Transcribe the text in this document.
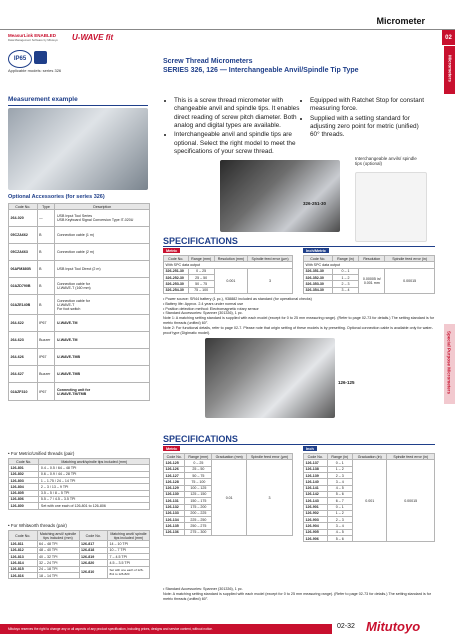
Micrometer
02
Micrometers
Special Purpose Micrometers
MeasurLink ENABLED
Data Management Software by Mitutoyo	U-WAVE fit
IP65
Applicable models: series 326
Screw Thread Micrometers
SERIES 326, 126 — Interchangeable Anvil/Spindle Tip Type
Measurement example	• This is a screw thread micrometer with changeable anvil and spindle tips. It enables direct reading of screw pitch diameter. Both analog and digital types are available.
• Interchangeable anvil and spindle tips are optional. Select the right model to meet the specifications of your screw thread.
• Equipped with Ratchet Stop for constant measuring force.
• Supplied with a setting standard for adjusting zero point for metric (unified) 60° threads.
Interchangeable anvils/ spindle tips (optional)
326-251-30
Optional Accessories (for series 326)
Code No.	Type	Description
264-020	—	USB Input Tool Series
USB Keyboard Signal Conversion Type IT-020U
05CZA662	B	Connection cable (1 m)
05CZA663	B	Connection cable (2 m)
06AFM380B	B	USB Input Tool Direct (2 m)
02AZD790B	B	Connection cable for
U-WAVE-T (160 mm)
02AZE140B	B	Connection cable for
U-WAVE-T
For foot switch
264-622	IP67	U-WAVE-TM
264-623	Buzzer	U-WAVE-TM
264-626	IP67	U-WAVE-TMB
264-627	Buzzer	U-WAVE-TMB
02AZF310	IP67	Connecting unit for
U-WAVE-TM/TMB
• For Metric/Unified threads (pair)
Code No.	Matching anvil/spindle tips included (mm)
126-801	0.4 – 0.5 / 64 – 48 TPI
126-802	0.6 – 0.9 / 44 – 28 TPI
126-803	1 – 1.75 / 24 – 14 TPI
126-804	2 – 3 / 13 – 9 TPI
126-805	3.5 – 5 / 8 – 5 TPI
126-806	5.5 – 7 / 4.5 – 3.5 TPI
126-800	Set with one each of 126-801 to 126-806
• For Whitworth threads (pair)
Code No.	Matching anvil/ spindle tips included (mm)	Code No.	Matching anvil/ spindle tips included (mm)
126-811	64 – 48 TPI	126-817	14 – 10 TPI
126-812	48 – 40 TPI	126-818	10 – 7 TPI
126-813	40 – 32 TPI	126-819	7 – 4.5 TPI
126-814	32 – 24 TPI	126-820	4.5 – 3.5 TPI
126-815	24 – 18 TPI	126-810	Set with one each of 126-811 to 126-820
126-816	18 – 14 TPI		
SPECIFICATIONS
Metric	Inch/Metric
Code No.	Range (mm)	Resolution (mm)	Spindle feed error (µm)
With SPC data output			
326-251-30	0 – 25	0.001	3
326-252-30	25 – 50		
326-253-30	50 – 75		
326-254-30	75 – 100		
Code No.	Range (in)	Resolution	Spindle feed error (in)
With SPC data output			
326-351-30	0 – 1	0.00005 in/ 0.001 mm	0.00015
326-352-30	1 – 2		
326-353-30	2 – 3		
326-354-30	3 – 4		
• Power source: SR44 battery (1 pc.), 938882 included as standard (for operational checks)
• Battery life: Approx. 2.4 years under normal use
• Position detection method: Electromagnetic rotary sensor
• Standard Accessories: Spanner (301336), 1 pc.
Note 1: A matching setting standard is supplied with each model (except for 0 to 25 mm measuring range). (Refer to page 02-73 for details.) The setting standard is for metric threads (unified) 60°.
Note 2: For functional details, refer to page 02-7. Please note that origin setting of these models is by presetting. Optional connection cable is available only for water-proof type (Digimatic model).
126-125
SPECIFICATIONS
Metric	Inch
Code No.	Range (mm)	Graduation (mm)	Spindle feed error (µm)
126-125	0 – 25	0.01	3
126-126	25 – 50		
126-127	50 – 75		
126-128	75 – 100		
126-129	100 – 125		
126-130	125 – 150		
126-131	150 – 175		
126-132	175 – 200		
126-133	200 – 225		
126-134	225 – 250		
126-135	250 – 275		
126-136	275 – 300		
Code No.	Range (in)	Graduation (in)	Spindle feed error (in)
126-137	0 – 1	0.001	0.00015
126-138	1 – 2		
126-139	2 – 3		
126-140	3 – 4		
126-141	4 – 5		
126-142	5 – 6		
126-143	6 – 7		
126-901	0 – 1		
126-902	1 – 2		
126-903	2 – 3		
126-904	3 – 4		
126-905	4 – 5		
126-906	5 – 6		
• Standard Accessories: Spanner (301336), 1 pc.
Note: A matching setting standard is supplied with each model (except for 0 to 25 mm measuring range). (Refer to page 02-73 for details.) The setting standard is for metric threads (unified) 60°.
Mitutoyo reserves the right to change any or all aspects of any product specification, including prices, designs and service content, without notice.	02-32 Mitutoyo
